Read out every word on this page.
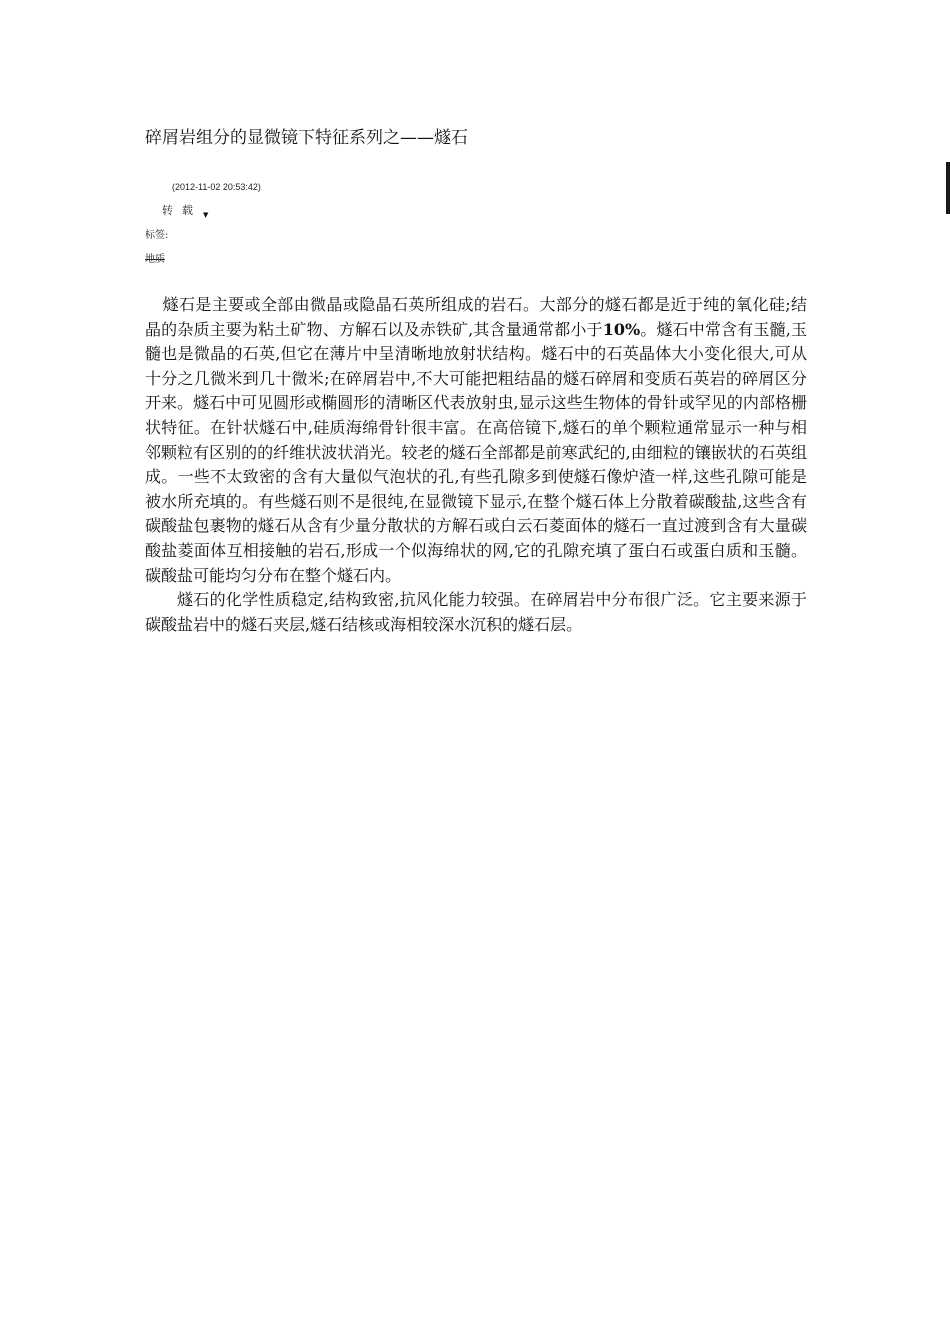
碎屑岩组分的显微镜下特征系列之——燧石
(2012-11-02 20:53:42)
转载 ▼
标签:
地质

燧石是主要或全部由微晶或隐晶石英所组成的岩石。大部分的燧石都是近于纯的氧化硅;结晶的杂质主要为粘土矿物、方解石以及赤铁矿,其含量通常都小于10%。燧石中常含有玉髓,玉髓也是微晶的石英,但它在薄片中呈清晰地放射状结构。燧石中的石英晶体大小变化很大,可从十分之几微米到几十微米;在碎屑岩中,不大可能把粗结晶的燧石碎屑和变质石英岩的碎屑区分开来。燧石中可见圆形或椭圆形的清晰区代表放射虫,显示这些生物体的骨针或罕见的内部格栅状特征。在针状燧石中,硅质海绵骨针很丰富。在高倍镜下,燧石的单个颗粒通常显示一种与相邻颗粒有区别的的纤维状波状消光。较老的燧石全部都是前寒武纪的,由细粒的镶嵌状的石英组成。一些不太致密的含有大量似气泡状的孔,有些孔隙多到使燧石像炉渣一样,这些孔隙可能是被水所充填的。有些燧石则不是很纯,在显微镜下显示,在整个燧石体上分散着碳酸盐,这些含有碳酸盐包裹物的燧石从含有少量分散状的方解石或白云石菱面体的燧石一直过渡到含有大量碳酸盐菱面体互相接触的岩石,形成一个似海绵状的网,它的孔隙充填了蛋白石或蛋白质和玉髓。碳酸盐可能均匀分布在整个燧石内。

燧石的化学性质稳定,结构致密,抗风化能力较强。在碎屑岩中分布很广泛。它主要来源于碳酸盐岩中的燧石夹层,燧石结核或海相较深水沉积的燧石层。
